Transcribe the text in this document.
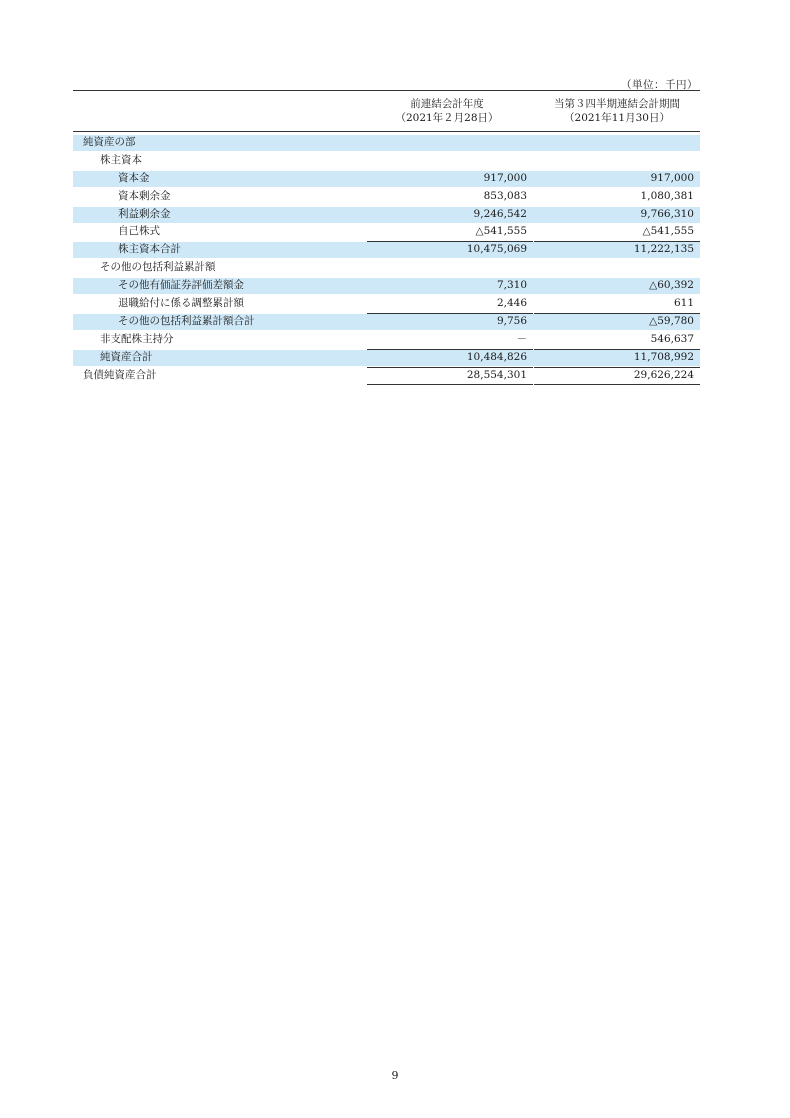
（単位：千円）
前連結会計年度
（2021年２月28日）
当第３四半期連結会計期間
（2021年11月30日）
純資産の部
株主資本
資本金	917,000	917,000
資本剰余金	853,083	1,080,381
利益剰余金	9,246,542	9,766,310
自己株式	△541,555	△541,555
株主資本合計	10,475,069	11,222,135
その他の包括利益累計額
その他有価証券評価差額金	7,310	△60,392
退職給付に係る調整累計額	2,446	611
その他の包括利益累計額合計	9,756	△59,780
非支配株主持分	－	546,637
純資産合計	10,484,826	11,708,992
負債純資産合計	28,554,301	29,626,224
9
